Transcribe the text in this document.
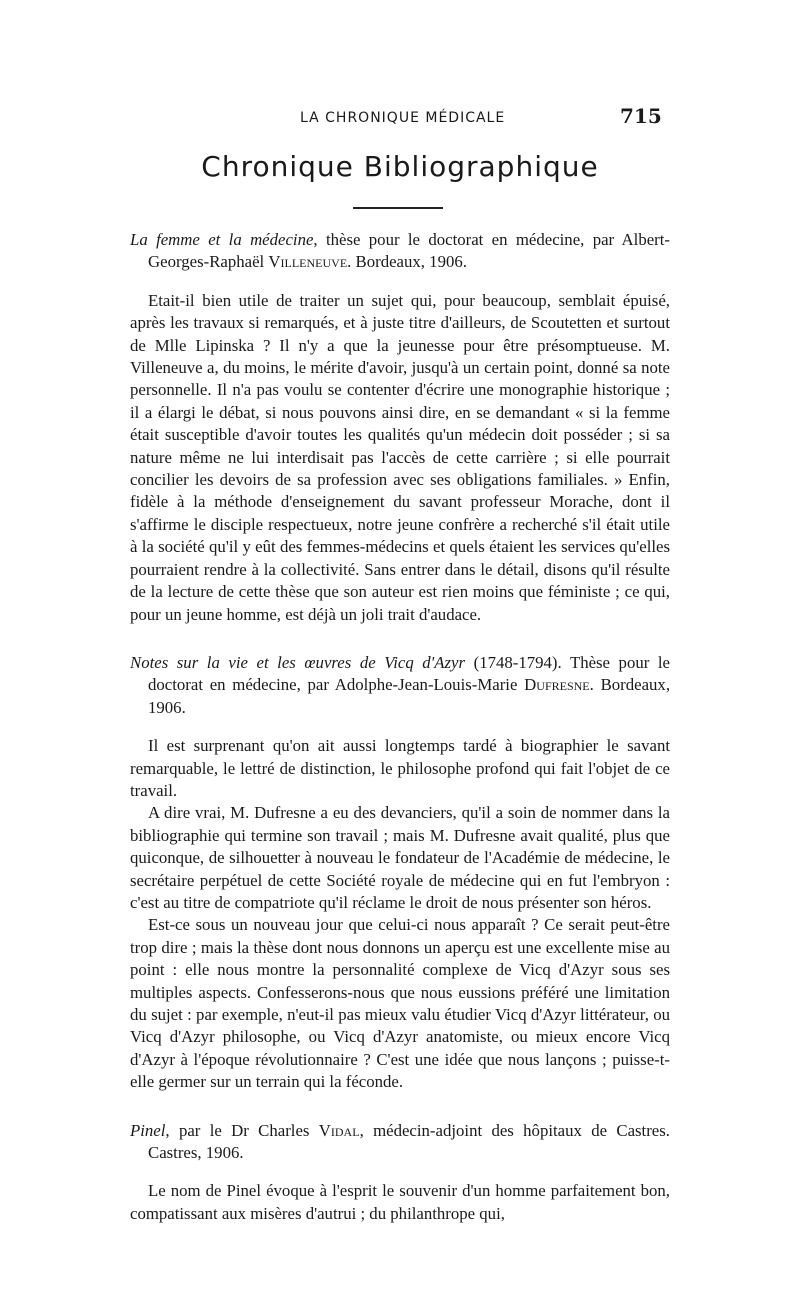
LA CHRONIQUE MÉDICALE	715
Chronique Bibliographique

La femme et la médecine, thèse pour le doctorat en médecine, par Albert-Georges-Raphaël Villeneuve. Bordeaux, 1906.

Etait-il bien utile de traiter un sujet qui, pour beaucoup, semblait épuisé, après les travaux si remarqués, et à juste titre d'ailleurs, de Scoutetten et surtout de Mlle Lipinska ? Il n'y a que la jeunesse pour être présomptueuse. M. Villeneuve a, du moins, le mérite d'avoir, jusqu'à un certain point, donné sa note personnelle. Il n'a pas voulu se contenter d'écrire une monographie historique ; il a élargi le débat, si nous pouvons ainsi dire, en se demandant « si la femme était susceptible d'avoir toutes les qualités qu'un médecin doit posséder ; si sa nature même ne lui interdisait pas l'accès de cette carrière ; si elle pourrait concilier les devoirs de sa profession avec ses obligations familiales. » Enfin, fidèle à la méthode d'enseignement du savant professeur Morache, dont il s'affirme le disciple respectueux, notre jeune confrère a recherché s'il était utile à la société qu'il y eût des femmes-médecins et quels étaient les services qu'elles pourraient rendre à la collectivité. Sans entrer dans le détail, disons qu'il résulte de la lecture de cette thèse que son auteur est rien moins que féministe ; ce qui, pour un jeune homme, est déjà un joli trait d'audace.

Notes sur la vie et les œuvres de Vicq d'Azyr (1748-1794). Thèse pour le doctorat en médecine, par Adolphe-Jean-Louis-Marie Dufresne. Bordeaux, 1906.

Il est surprenant qu'on ait aussi longtemps tardé à biographier le savant remarquable, le lettré de distinction, le philosophe profond qui fait l'objet de ce travail.

A dire vrai, M. Dufresne a eu des devanciers, qu'il a soin de nommer dans la bibliographie qui termine son travail ; mais M. Dufresne avait qualité, plus que quiconque, de silhouetter à nouveau le fondateur de l'Académie de médecine, le secrétaire perpétuel de cette Société royale de médecine qui en fut l'embryon : c'est au titre de compatriote qu'il réclame le droit de nous présenter son héros.

Est-ce sous un nouveau jour que celui-ci nous apparaît ? Ce serait peut-être trop dire ; mais la thèse dont nous donnons un aperçu est une excellente mise au point : elle nous montre la personnalité complexe de Vicq d'Azyr sous ses multiples aspects. Confesserons-nous que nous eussions préféré une limitation du sujet : par exemple, n'eut-il pas mieux valu étudier Vicq d'Azyr littérateur, ou Vicq d'Azyr philosophe, ou Vicq d'Azyr anatomiste, ou mieux encore Vicq d'Azyr à l'époque révolutionnaire ? C'est une idée que nous lançons ; puisse-t-elle germer sur un terrain qui la féconde.

Pinel, par le Dr Charles Vidal, médecin-adjoint des hôpitaux de Castres. Castres, 1906.

Le nom de Pinel évoque à l'esprit le souvenir d'un homme parfaitement bon, compatissant aux misères d'autrui ; du philanthrope qui,
